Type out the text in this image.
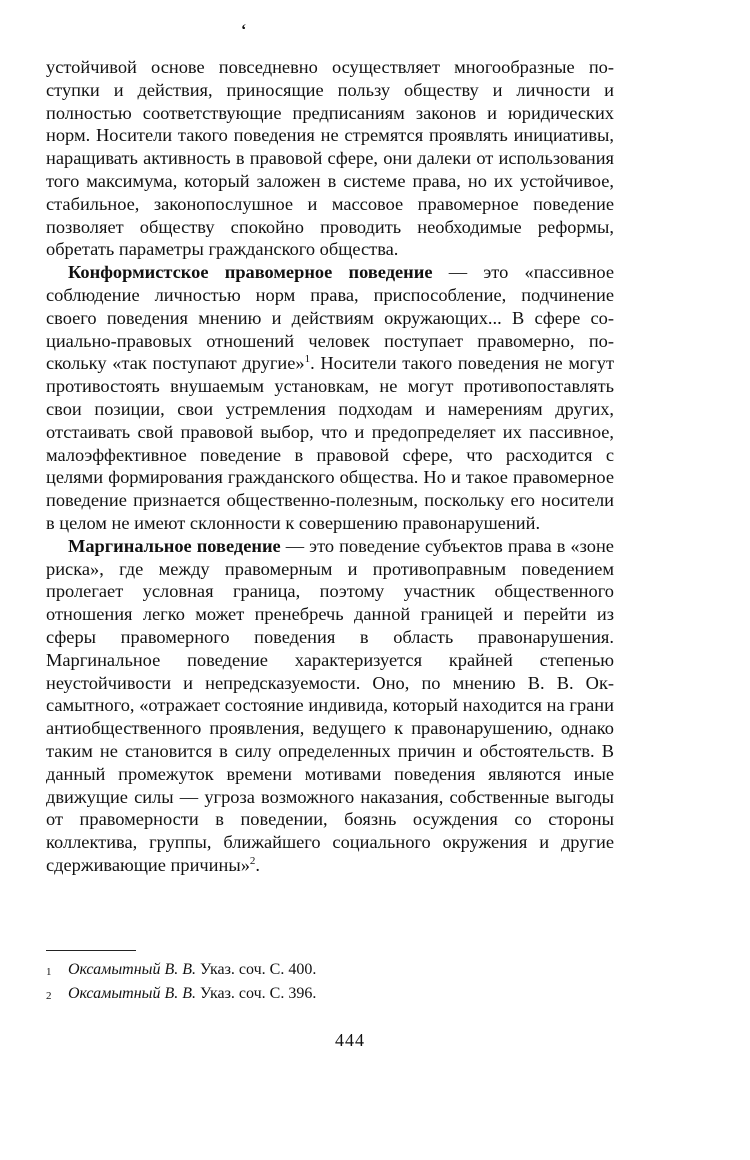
‘

устойчивой основе повседневно осуществляет многообразные поступки и действия, приносящие пользу обществу и личности и полностью соответствующие предписаниям законов и юридических норм. Носители такого поведения не стремятся проявлять инициативы, наращивать активность в правовой сфере, они далеки от использования того максимума, который заложен в системе права, но их устойчивое, стабильное, законопослушное и массовое правомерное поведение позволяет обществу спокойно проводить необходимые реформы, обретать параметры гражданского общества.

Конформистское правомерное поведение — это «пассивное соблюдение личностью норм права, приспособление, подчинение своего поведения мнению и действиям окружающих... В сфере социально-правовых отношений человек поступает правомерно, поскольку «так поступают другие»$^1$. Носители такого поведения не могут противостоять внушаемым установкам, не могут противопоставлять свои позиции, свои устремления подходам и намерениям других, отстаивать свой правовой выбор, что и предопределяет их пассивное, малоэффективное поведение в правовой сфере, что расходится с целями формирования гражданского общества. Но и такое правомерное поведение признается общественно-полезным, поскольку его носители в целом не имеют склонности к совершению правонарушений.

Маргинальное поведение — это поведение субъектов права в «зоне риска», где между правомерным и противоправным поведением пролегает условная граница, поэтому участник общественного отношения легко может пренебречь данной границей и перейти из сферы правомерного поведения в область правонарушения. Маргинальное поведение характеризуется крайней степенью неустойчивости и непредсказуемости. Оно, по мнению В. В. Оксамытного, «отражает состояние индивида, который находится на грани антиобщественного проявления, ведущего к правонарушению, однако таким не становится в силу определенных причин и обстоятельств. В данный промежуток времени мотивами поведения являются иные движущие силы — угроза возможного наказания, собственные выгоды от правомерности в поведении, боязнь осуждения со стороны коллектива, группы, ближайшего социального окружения и другие сдерживающие причины»$^2$.

1 Оксамытный В. В. Указ. соч. С. 400.
2 Оксамытный В. В. Указ. соч. С. 396.
444
